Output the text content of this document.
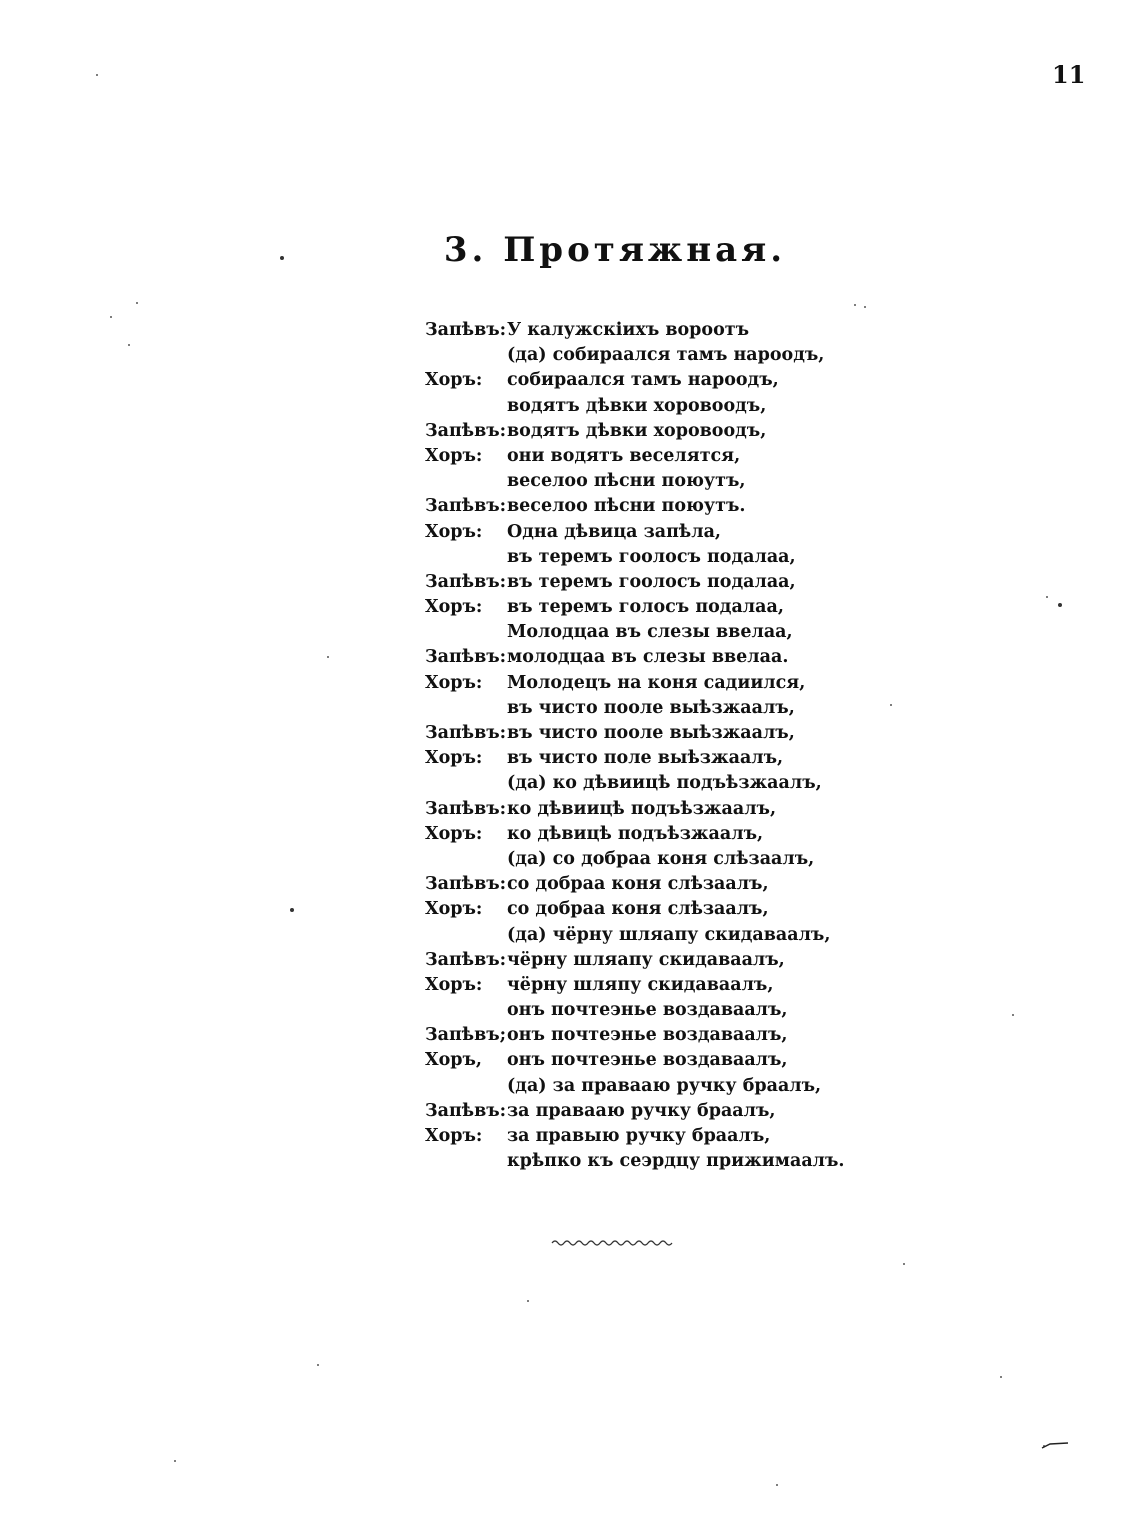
11
3. Протяжная.
Запѣвъ: У калужскіихъ вороотъ
(да) собираался тамъ нароодъ,
Хоръ: собираался тамъ нароодъ,
водятъ дѣвки хоровоодъ,
Запѣвъ: водятъ дѣвки хоровоодъ,
Хоръ: они водятъ веселятся,
веселоо пѣсни поюутъ,
Запѣвъ: веселоо пѣсни поюутъ.
Хоръ: Одна дѣвица запѣла,
въ теремъ гоолосъ подалаа,
Запѣвъ: въ теремъ гоолосъ подалаа,
Хоръ: въ теремъ голосъ подалаа,
Молодцаа въ слезы ввелаа,
Запѣвъ: молодцаа въ слезы ввелаа.
Хоръ: Молодецъ на коня садиился,
въ чисто пооле выѣзжаалъ,
Запѣвъ: въ чисто пооле выѣзжаалъ,
Хоръ: въ чисто поле выѣзжаалъ,
(да) ко дѣвиицѣ подъѣзжаалъ,
Запѣвъ: ко дѣвиицѣ подъѣзжаалъ,
Хоръ: ко дѣвицѣ подъѣзжаалъ,
(да) со добраа коня слѣзаалъ,
Запѣвъ: со добраа коня слѣзаалъ,
Хоръ: со добраа коня слѣзаалъ,
(да) чёрну шляапу скидаваалъ,
Запѣвъ: чёрну шляапу скидаваалъ,
Хоръ: чёрну шляпу скидаваалъ,
онъ почтеэнье воздаваалъ,
Запѣвъ; онъ почтеэнье воздаваалъ,
Хоръ, онъ почтеэнье воздаваалъ,
(да) за праваaю ручку браалъ,
Запѣвъ: за праваaю ручку браалъ,
Хоръ: за правыю ручку браалъ,
крѣпко къ сеэрдцу прижимаалъ.
